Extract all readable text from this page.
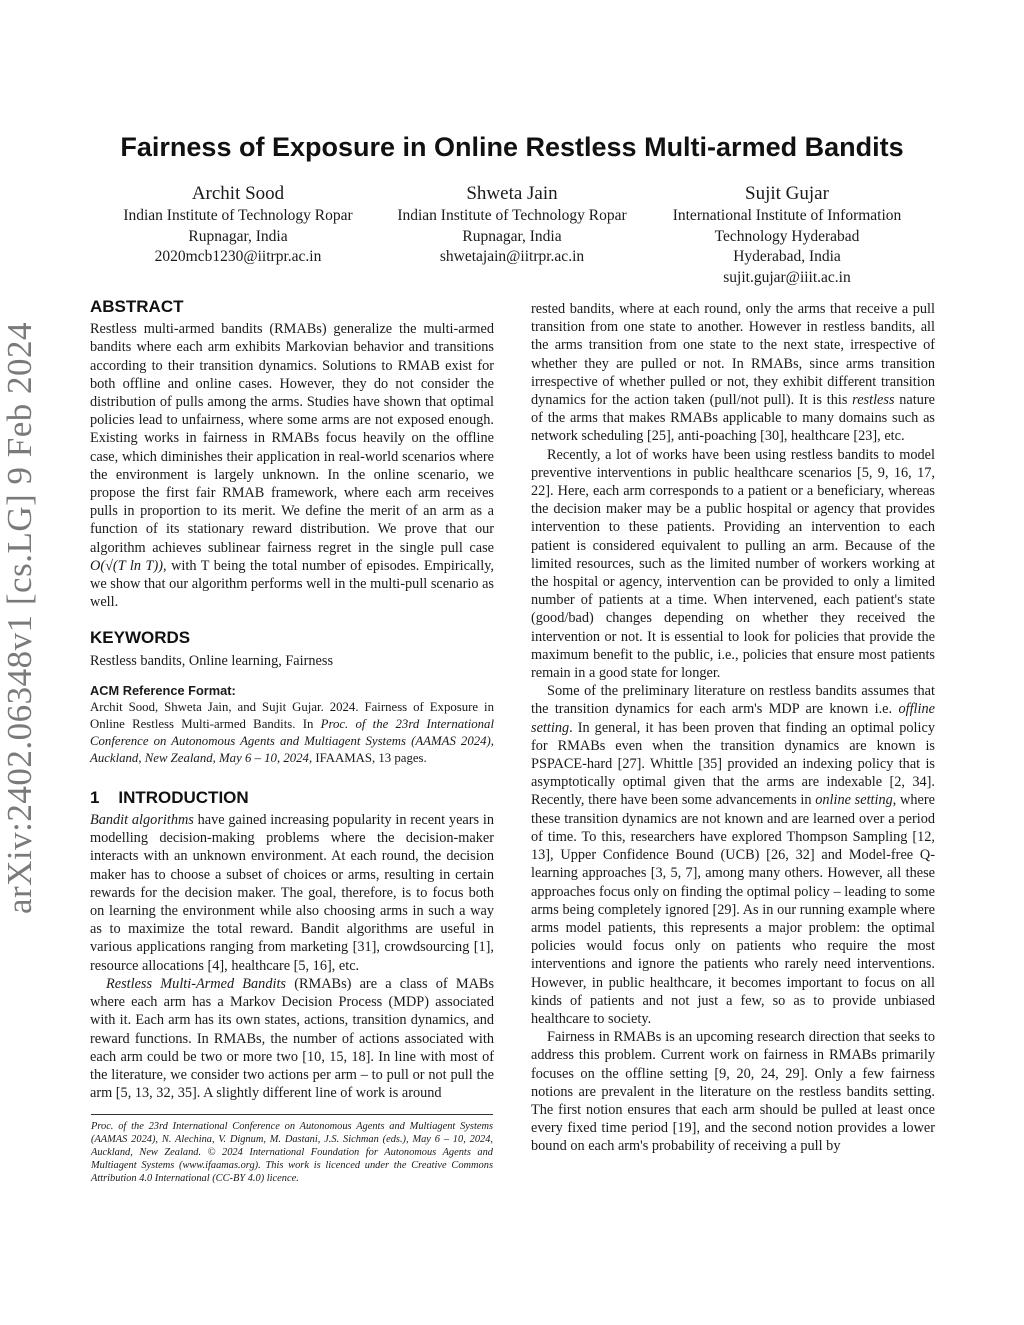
arXiv:2402.06348v1 [cs.LG] 9 Feb 2024
Fairness of Exposure in Online Restless Multi-armed Bandits
Archit Sood
Indian Institute of Technology Ropar
Rupnagar, India
2020mcb1230@iitrpr.ac.in
Shweta Jain
Indian Institute of Technology Ropar
Rupnagar, India
shwetajain@iitrpr.ac.in
Sujit Gujar
International Institute of Information
Technology Hyderabad
Hyderabad, India
sujit.gujar@iiit.ac.in
ABSTRACT

Restless multi-armed bandits (RMABs) generalize the multi-armed bandits where each arm exhibits Markovian behavior and transitions according to their transition dynamics. Solutions to RMAB exist for both offline and online cases. However, they do not consider the distribution of pulls among the arms. Studies have shown that optimal policies lead to unfairness, where some arms are not exposed enough. Existing works in fairness in RMABs focus heavily on the offline case, which diminishes their application in real-world scenarios where the environment is largely unknown. In the online scenario, we propose the first fair RMAB framework, where each arm receives pulls in proportion to its merit. We define the merit of an arm as a function of its stationary reward distribution. We prove that our algorithm achieves sublinear fairness regret in the single pull case O(√(T ln T)), with T being the total number of episodes. Empirically, we show that our algorithm performs well in the multi-pull scenario as well.

KEYWORDS

Restless bandits, Online learning, Fairness

ACM Reference Format:

Archit Sood, Shweta Jain, and Sujit Gujar. 2024. Fairness of Exposure in Online Restless Multi-armed Bandits. In Proc. of the 23rd International Conference on Autonomous Agents and Multiagent Systems (AAMAS 2024), Auckland, New Zealand, May 6 – 10, 2024, IFAAMAS, 13 pages.

1    INTRODUCTION

Bandit algorithms have gained increasing popularity in recent years in modelling decision-making problems where the decision-maker interacts with an unknown environment. At each round, the decision maker has to choose a subset of choices or arms, resulting in certain rewards for the decision maker. The goal, therefore, is to focus both on learning the environment while also choosing arms in such a way as to maximize the total reward. Bandit algorithms are useful in various applications ranging from marketing [31], crowdsourcing [1], resource allocations [4], healthcare [5, 16], etc.

Restless Multi-Armed Bandits (RMABs) are a class of MABs where each arm has a Markov Decision Process (MDP) associated with it. Each arm has its own states, actions, transition dynamics, and reward functions. In RMABs, the number of actions associated with each arm could be two or more two [10, 15, 18]. In line with most of the literature, we consider two actions per arm – to pull or not pull the arm [5, 13, 32, 35]. A slightly different line of work is around

Proc. of the 23rd International Conference on Autonomous Agents and Multiagent Systems (AAMAS 2024), N. Alechina, V. Dignum, M. Dastani, J.S. Sichman (eds.), May 6 – 10, 2024, Auckland, New Zealand. © 2024 International Foundation for Autonomous Agents and Multiagent Systems (www.ifaamas.org). This work is licenced under the Creative Commons Attribution 4.0 International (CC-BY 4.0) licence.

rested bandits, where at each round, only the arms that receive a pull transition from one state to another. However in restless bandits, all the arms transition from one state to the next state, irrespective of whether they are pulled or not. In RMABs, since arms transition irrespective of whether pulled or not, they exhibit different transition dynamics for the action taken (pull/not pull). It is this restless nature of the arms that makes RMABs applicable to many domains such as network scheduling [25], anti-poaching [30], healthcare [23], etc.

Recently, a lot of works have been using restless bandits to model preventive interventions in public healthcare scenarios [5, 9, 16, 17, 22]. Here, each arm corresponds to a patient or a beneficiary, whereas the decision maker may be a public hospital or agency that provides intervention to these patients. Providing an intervention to each patient is considered equivalent to pulling an arm. Because of the limited resources, such as the limited number of workers working at the hospital or agency, intervention can be provided to only a limited number of patients at a time. When intervened, each patient's state (good/bad) changes depending on whether they received the intervention or not. It is essential to look for policies that provide the maximum benefit to the public, i.e., policies that ensure most patients remain in a good state for longer.

Some of the preliminary literature on restless bandits assumes that the transition dynamics for each arm's MDP are known i.e. offline setting. In general, it has been proven that finding an optimal policy for RMABs even when the transition dynamics are known is PSPACE-hard [27]. Whittle [35] provided an indexing policy that is asymptotically optimal given that the arms are indexable [2, 34]. Recently, there have been some advancements in online setting, where these transition dynamics are not known and are learned over a period of time. To this, researchers have explored Thompson Sampling [12, 13], Upper Confidence Bound (UCB) [26, 32] and Model-free Q-learning approaches [3, 5, 7], among many others. However, all these approaches focus only on finding the optimal policy – leading to some arms being completely ignored [29]. As in our running example where arms model patients, this represents a major problem: the optimal policies would focus only on patients who require the most interventions and ignore the patients who rarely need interventions. However, in public healthcare, it becomes important to focus on all kinds of patients and not just a few, so as to provide unbiased healthcare to society.

Fairness in RMABs is an upcoming research direction that seeks to address this problem. Current work on fairness in RMABs primarily focuses on the offline setting [9, 20, 24, 29]. Only a few fairness notions are prevalent in the literature on the restless bandits setting. The first notion ensures that each arm should be pulled at least once every fixed time period [19], and the second notion provides a lower bound on each arm's probability of receiving a pull by
